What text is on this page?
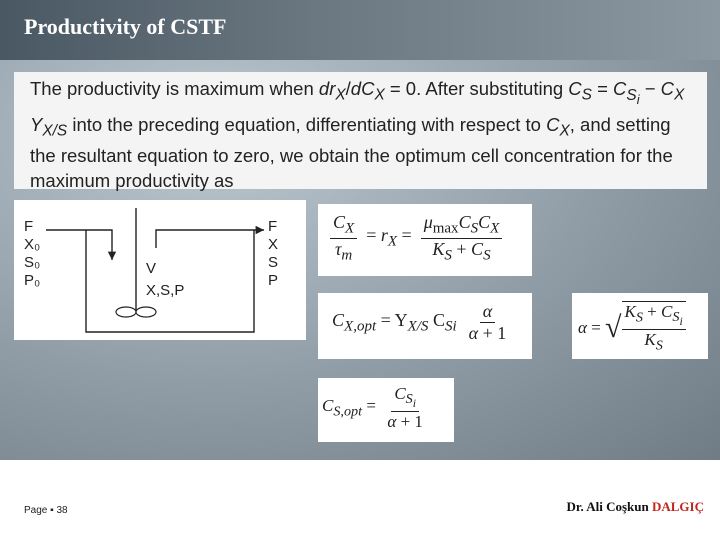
Productivity of CSTF

The productivity is maximum when $dr_X/dC_X = 0$. After substituting $C_S = C_{S_i} - C_X$ $Y_{X/S}$ into the preceding equation, differentiating with respect to $C_X$, and setting the resultant equation to zero, we obtain the optimum cell concentration for the maximum productivity as

F
X₀
S₀
P₀
F
X
S
P
V
X,S,P
$\frac{C_X}{\tau_m} = r_X = \frac{\mu_{max}C_SC_X}{K_S + C_S}$
$C_{X,opt} = Y_{X/S}$ $C_{Si} \frac{\alpha}{\alpha + 1}$	α = √ $\frac{K_S + C_{S_i}}{K_S}$
$C_{S,opt} = \frac{C_{S_i}}{\alpha + 1}$
Page ▪ 38	Dr. Ali Coşkun DALGIÇ
